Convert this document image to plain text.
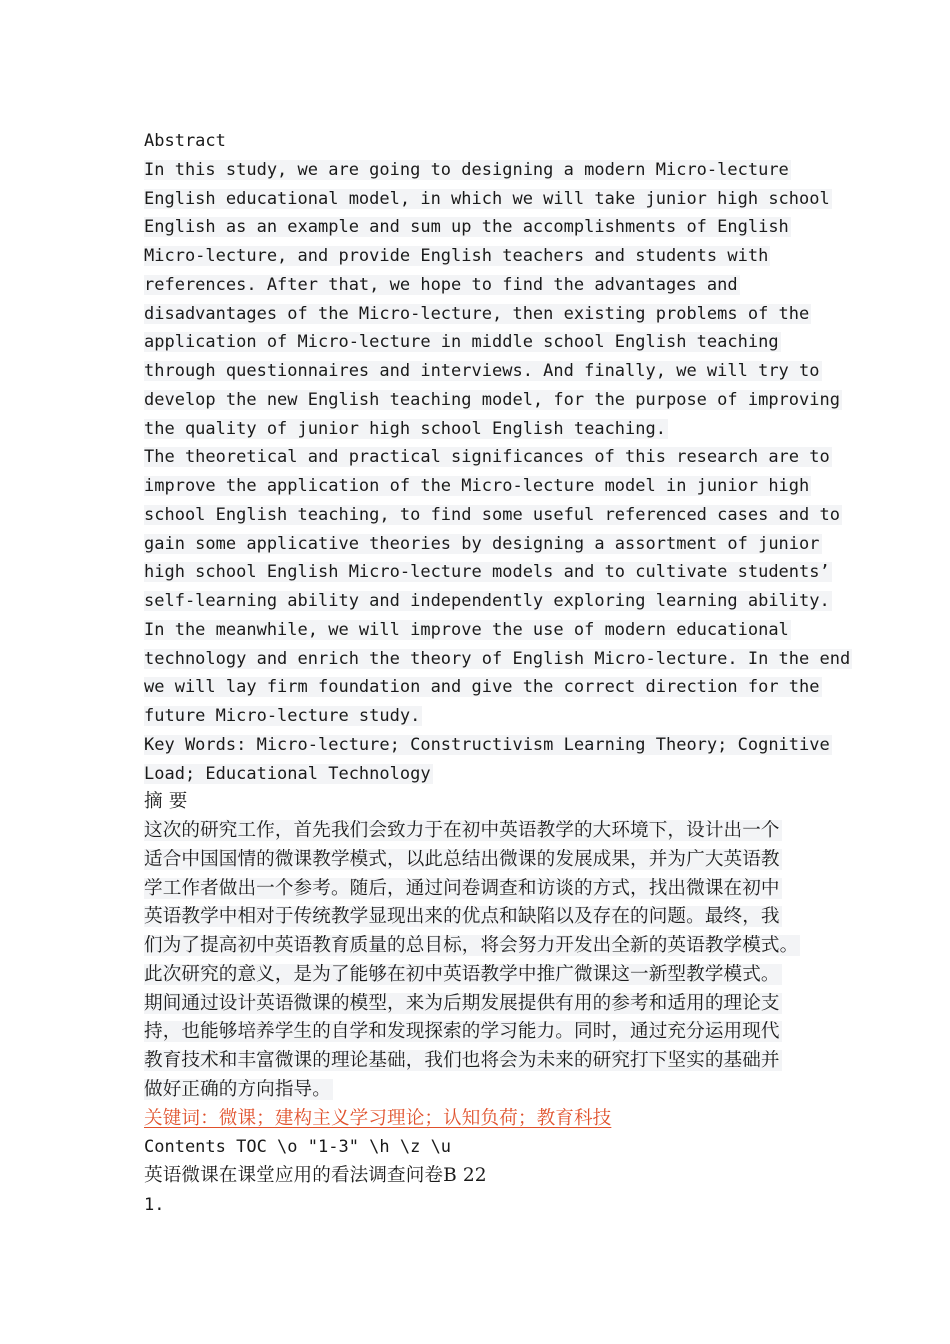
Abstract
In this study, we are going to designing a modern Micro-lecture
English educational model, in which we will take junior high school
English as an example and sum up the accomplishments of English
Micro-lecture, and provide English teachers and students with
references. After that, we hope to find the advantages and
disadvantages of the Micro-lecture, then existing problems of the
application of Micro-lecture in middle school English teaching
through questionnaires and interviews. And finally, we will try to
develop the new English teaching model, for the purpose of improving
the quality of junior high school English teaching.
The theoretical and practical significances of this research are to
improve the application of the Micro-lecture model in junior high
school English teaching, to find some useful referenced cases and to
gain some applicative theories by designing a assortment of junior
high school English Micro-lecture models and to cultivate students’
self-learning ability and independently exploring learning ability.
In the meanwhile, we will improve the use of modern educational
technology and enrich the theory of English Micro-lecture. In the end
we will lay firm foundation and give the correct direction for the
future Micro-lecture study.
Key Words: Micro-lecture; Constructivism Learning Theory; Cognitive
Load; Educational Technology
摘 要
这次的研究工作，首先我们会致力于在初中英语教学的大环境下，设计出一个
适合中国国情的微课教学模式，以此总结出微课的发展成果，并为广大英语教
学工作者做出一个参考。随后，通过问卷调查和访谈的方式，找出微课在初中
英语教学中相对于传统教学显现出来的优点和缺陷以及存在的问题。最终，我
们为了提高初中英语教育质量的总目标，将会努力开发出全新的英语教学模式。
此次研究的意义，是为了能够在初中英语教学中推广微课这一新型教学模式。
期间通过设计英语微课的模型，来为后期发展提供有用的参考和适用的理论支
持，也能够培养学生的自学和发现探索的学习能力。同时，通过充分运用现代
教育技术和丰富微课的理论基础，我们也将会为未来的研究打下坚实的基础并
做好正确的方向指导。
关键词：微课；建构主义学习理论；认知负荷；教育科技
Contents TOC \o "1-3" \h \z \u
英语微课在课堂应用的看法调查问卷B 22
1.
